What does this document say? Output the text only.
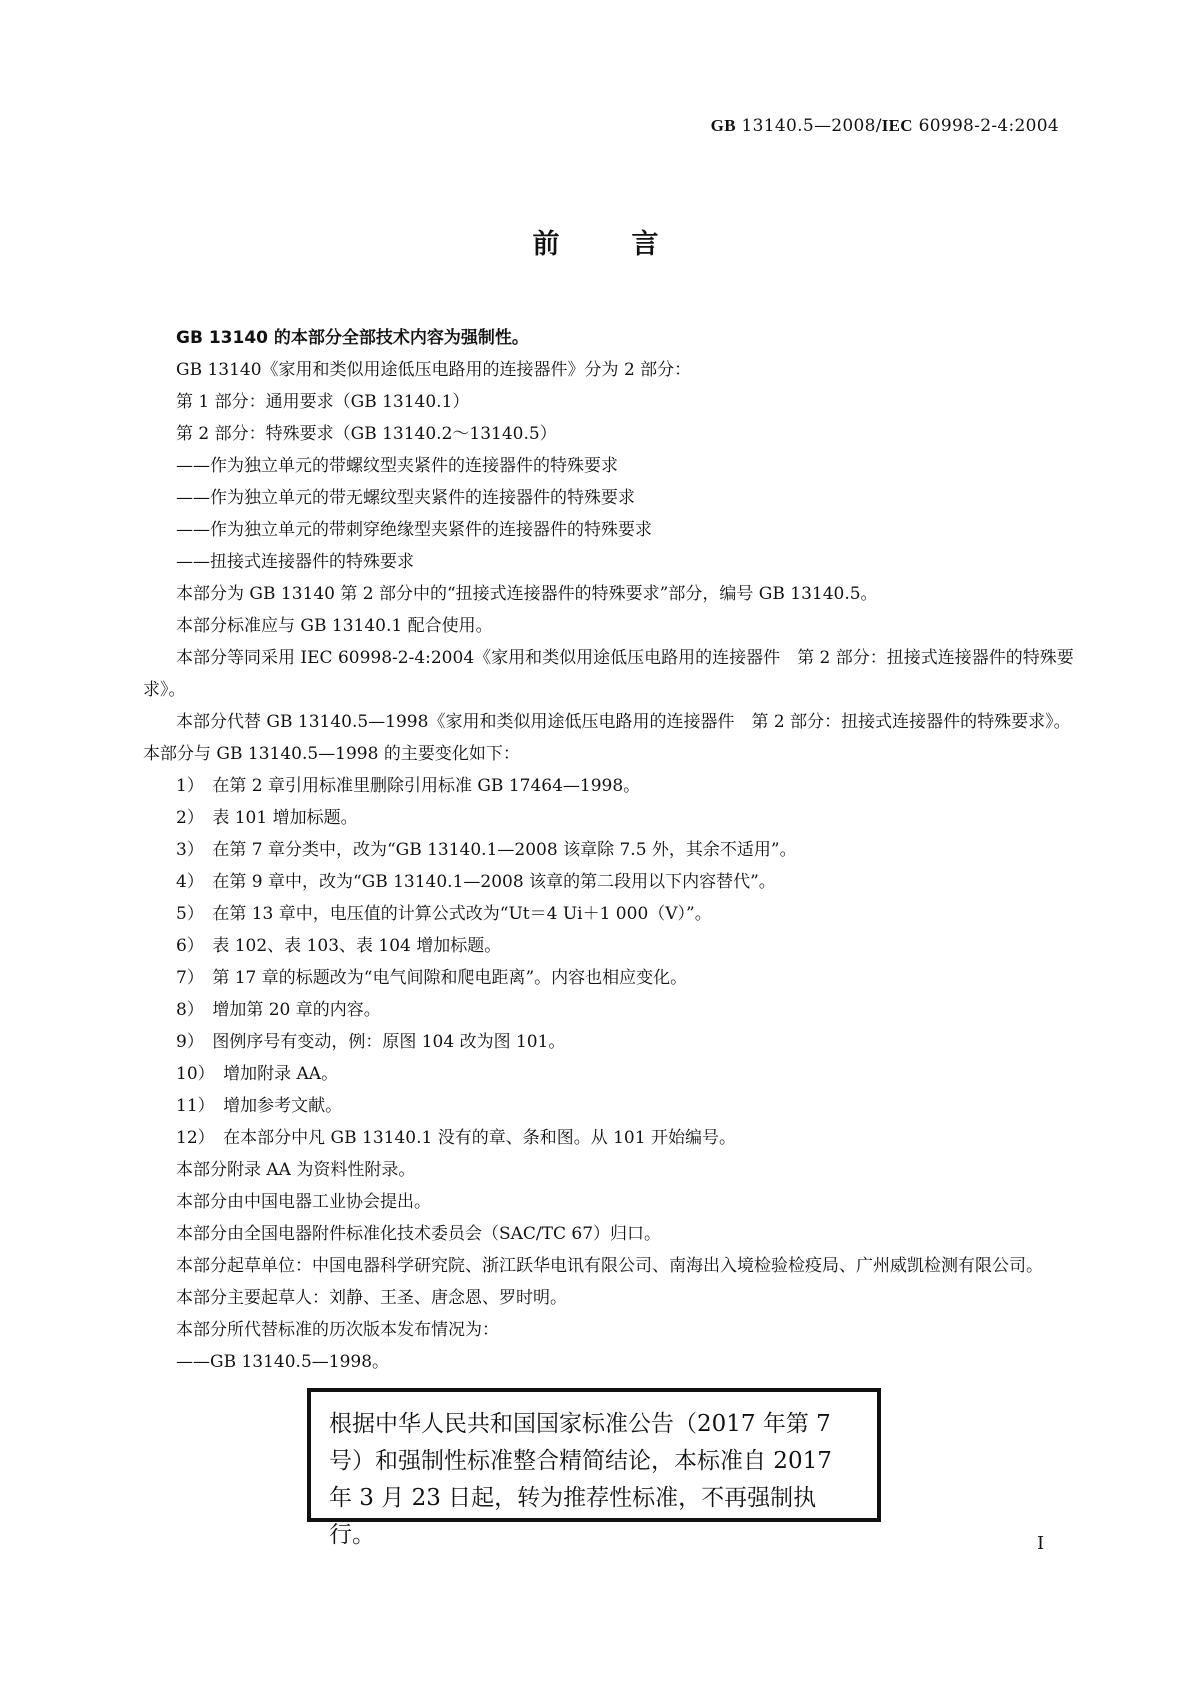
GB 13140.5—2008/IEC 60998-2-4:2004
前言

GB 13140 的本部分全部技术内容为强制性。

GB 13140《家用和类似用途低压电路用的连接器件》分为 2 部分：

第 1 部分：通用要求（GB 13140.1）

第 2 部分：特殊要求（GB 13140.2～13140.5）

——作为独立单元的带螺纹型夹紧件的连接器件的特殊要求

——作为独立单元的带无螺纹型夹紧件的连接器件的特殊要求

——作为独立单元的带刺穿绝缘型夹紧件的连接器件的特殊要求

——扭接式连接器件的特殊要求

本部分为 GB 13140 第 2 部分中的“扭接式连接器件的特殊要求”部分，编号 GB 13140.5。

本部分标准应与 GB 13140.1 配合使用。

本部分等同采用 IEC 60998-2-4:2004《家用和类似用途低压电路用的连接器件　第 2 部分：扭接式连接器件的特殊要求》。

本部分代替 GB 13140.5—1998《家用和类似用途低压电路用的连接器件　第 2 部分：扭接式连接器件的特殊要求》。本部分与 GB 13140.5—1998 的主要变化如下：

1）　在第 2 章引用标准里删除引用标准 GB 17464—1998。

2）　表 101 增加标题。

3）　在第 7 章分类中，改为“GB 13140.1—2008 该章除 7.5 外，其余不适用”。

4）　在第 9 章中，改为“GB 13140.1—2008 该章的第二段用以下内容替代”。

5）　在第 13 章中，电压值的计算公式改为“Ut＝4 Ui＋1 000（V）”。

6）　表 102、表 103、表 104 增加标题。

7）　第 17 章的标题改为“电气间隙和爬电距离”。内容也相应变化。

8）　增加第 20 章的内容。

9）　图例序号有变动，例：原图 104 改为图 101。

10）　增加附录 AA。

11）　增加参考文献。

12）　在本部分中凡 GB 13140.1 没有的章、条和图。从 101 开始编号。

本部分附录 AA 为资料性附录。

本部分由中国电器工业协会提出。

本部分由全国电器附件标准化技术委员会（SAC/TC 67）归口。

本部分起草单位：中国电器科学研究院、浙江跃华电讯有限公司、南海出入境检验检疫局、广州威凯检测有限公司。

本部分主要起草人：刘静、王圣、唐念恩、罗时明。

本部分所代替标准的历次版本发布情况为：

——GB 13140.5—1998。

根据中华人民共和国国家标准公告（2017 年第 7 号）和强制性标准整合精简结论，本标准自 2017 年 3 月 23 日起，转为推荐性标准，不再强制执行。	I
